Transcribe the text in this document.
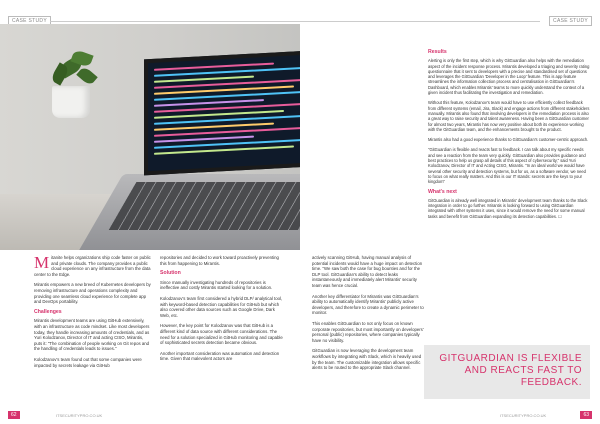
CASE STUDY

Mitanite helps organizations ship code faster on public and private clouds. The company provides a public cloud experience on any infrastructure from the data center to the Edge.

Mirantis empowers a new breed of Kubernetes developers by removing infrastructure and operations complexity and providing one seamless cloud experience for complete app and DevOps portability.

Challenges

Mirantis development teams are using GitHub extensively, with an infrastructure as code mindset. Like most developers today, they handle increasing amounts of credentials, and as Yuri Kolodzanov, Director of IT and acting CISO, Mirantis, puts it: "The combination of people working on Git repos and the handling of credentials leads to issues."

Kolodzanov's team found out that some companies were impacted by secrets leakage via GitHub

repositories and decided to work toward proactively preventing this from happening to Mirantis.

Solution

Since manually investigating hundreds of repositories is ineffective and costly Mirantis started looking for a solution.

Kolodzanov's team first considered a hybrid DLP/ analytical tool, with keyword-based detection capabilities for GitHub but which also covered other data sources such as Google Drive, Dark Web, etc.

However, the key point for Kolodzanov was that GitHub is a different kind of data source with different considerations. The need for a solution specialized in GitHub monitoring and capable of sophisticated secrets detection became obvious.

Another important consideration was automation and detection time. Given that malevolent actors are

62	ITSECURITYPRO.CO.UK
CASE STUDY

actively scanning GitHub, having manual analysis of potential incidents would have a huge impact on detection time. "We saw both the case for bug bounties and for the DLP tool. GitGuardian's ability to detect leaks instantaneously and immediately alert Mirantis' security team was hence crucial.

Another key differentiator for Mirantis was GitGuardian's ability to automatically identify Mirantis' publicly active developers, and therefore to create a dynamic perimeter to monitor.

This enables GitGuardian to not only focus on known corporate repositories, but most importantly on developers' personal (public) repositories, where companies typically have no visibility.

GitGuardian is now leveraging the development team workflows by integrating with Slack, which is heavily used by the team. The customizable integration allows specific alerts to be routed to the appropriate Slack channel.

Results

Alerting is only the first step, which is why GitGuardian also helps with the remediation aspect of the incident response process. Mirantis developed a triaging and severity rating questionnaire that it sent to developers with a precise and standardised set of questions and leverages the GitGuardian 'Developer in the Loop' feature. This is app feature streamlines the information collection process and centralisation in GitGuardian's Dashboard, which enables Mirantis' teams to more quickly understand the context of a given incident thus facilitating the investigation and remediation.

Without this feature, Kolodzanov's team would have to use efficiently collect feedback from different systems (email, Jira, Slack) and engage actions from different stakeholders manually. Mirantis also found that involving developers in the remediation process is also a great way to raise security and talent awareness. Having been a GitGuardian customer for almost two years, Mirantis has now very positive about both its experience working with the GitGuardian team, and the enhancements brought to the product.

Mirantis also had a good experience thanks to GitGuardian's customer-centric approach.

"GitGuardian is flexible and reacts fast to feedback. I can talk about my specific needs and see a reaction from the team very quickly. GitGuardian also provides guidance and best practices to help us grasp all details of this aspect of cybersecurity," said Yuri Kolodzanov, Director of IT and Acting CISO, Mirantis. "In an ideal world we would have several other security and detection systems, but for us, as a software vendor, we need to focus on what really matters. And this is our IT stands: secrets are the keys to your kingdom"

What's next

GitGuardian is already well integrated in Mirantis' development team thanks to the Slack integration in order to go further. Mirantis is looking forward to using GitGuardian integrated with other systems it uses, since it would remove the need for some manual tasks and benefit from GitGuardian expanding its detection capabilities. ☐

GITGUARDIAN IS FLEXIBLE AND REACTS FAST TO FEEDBACK.
ITSECURITYPRO.CO.UK	63
